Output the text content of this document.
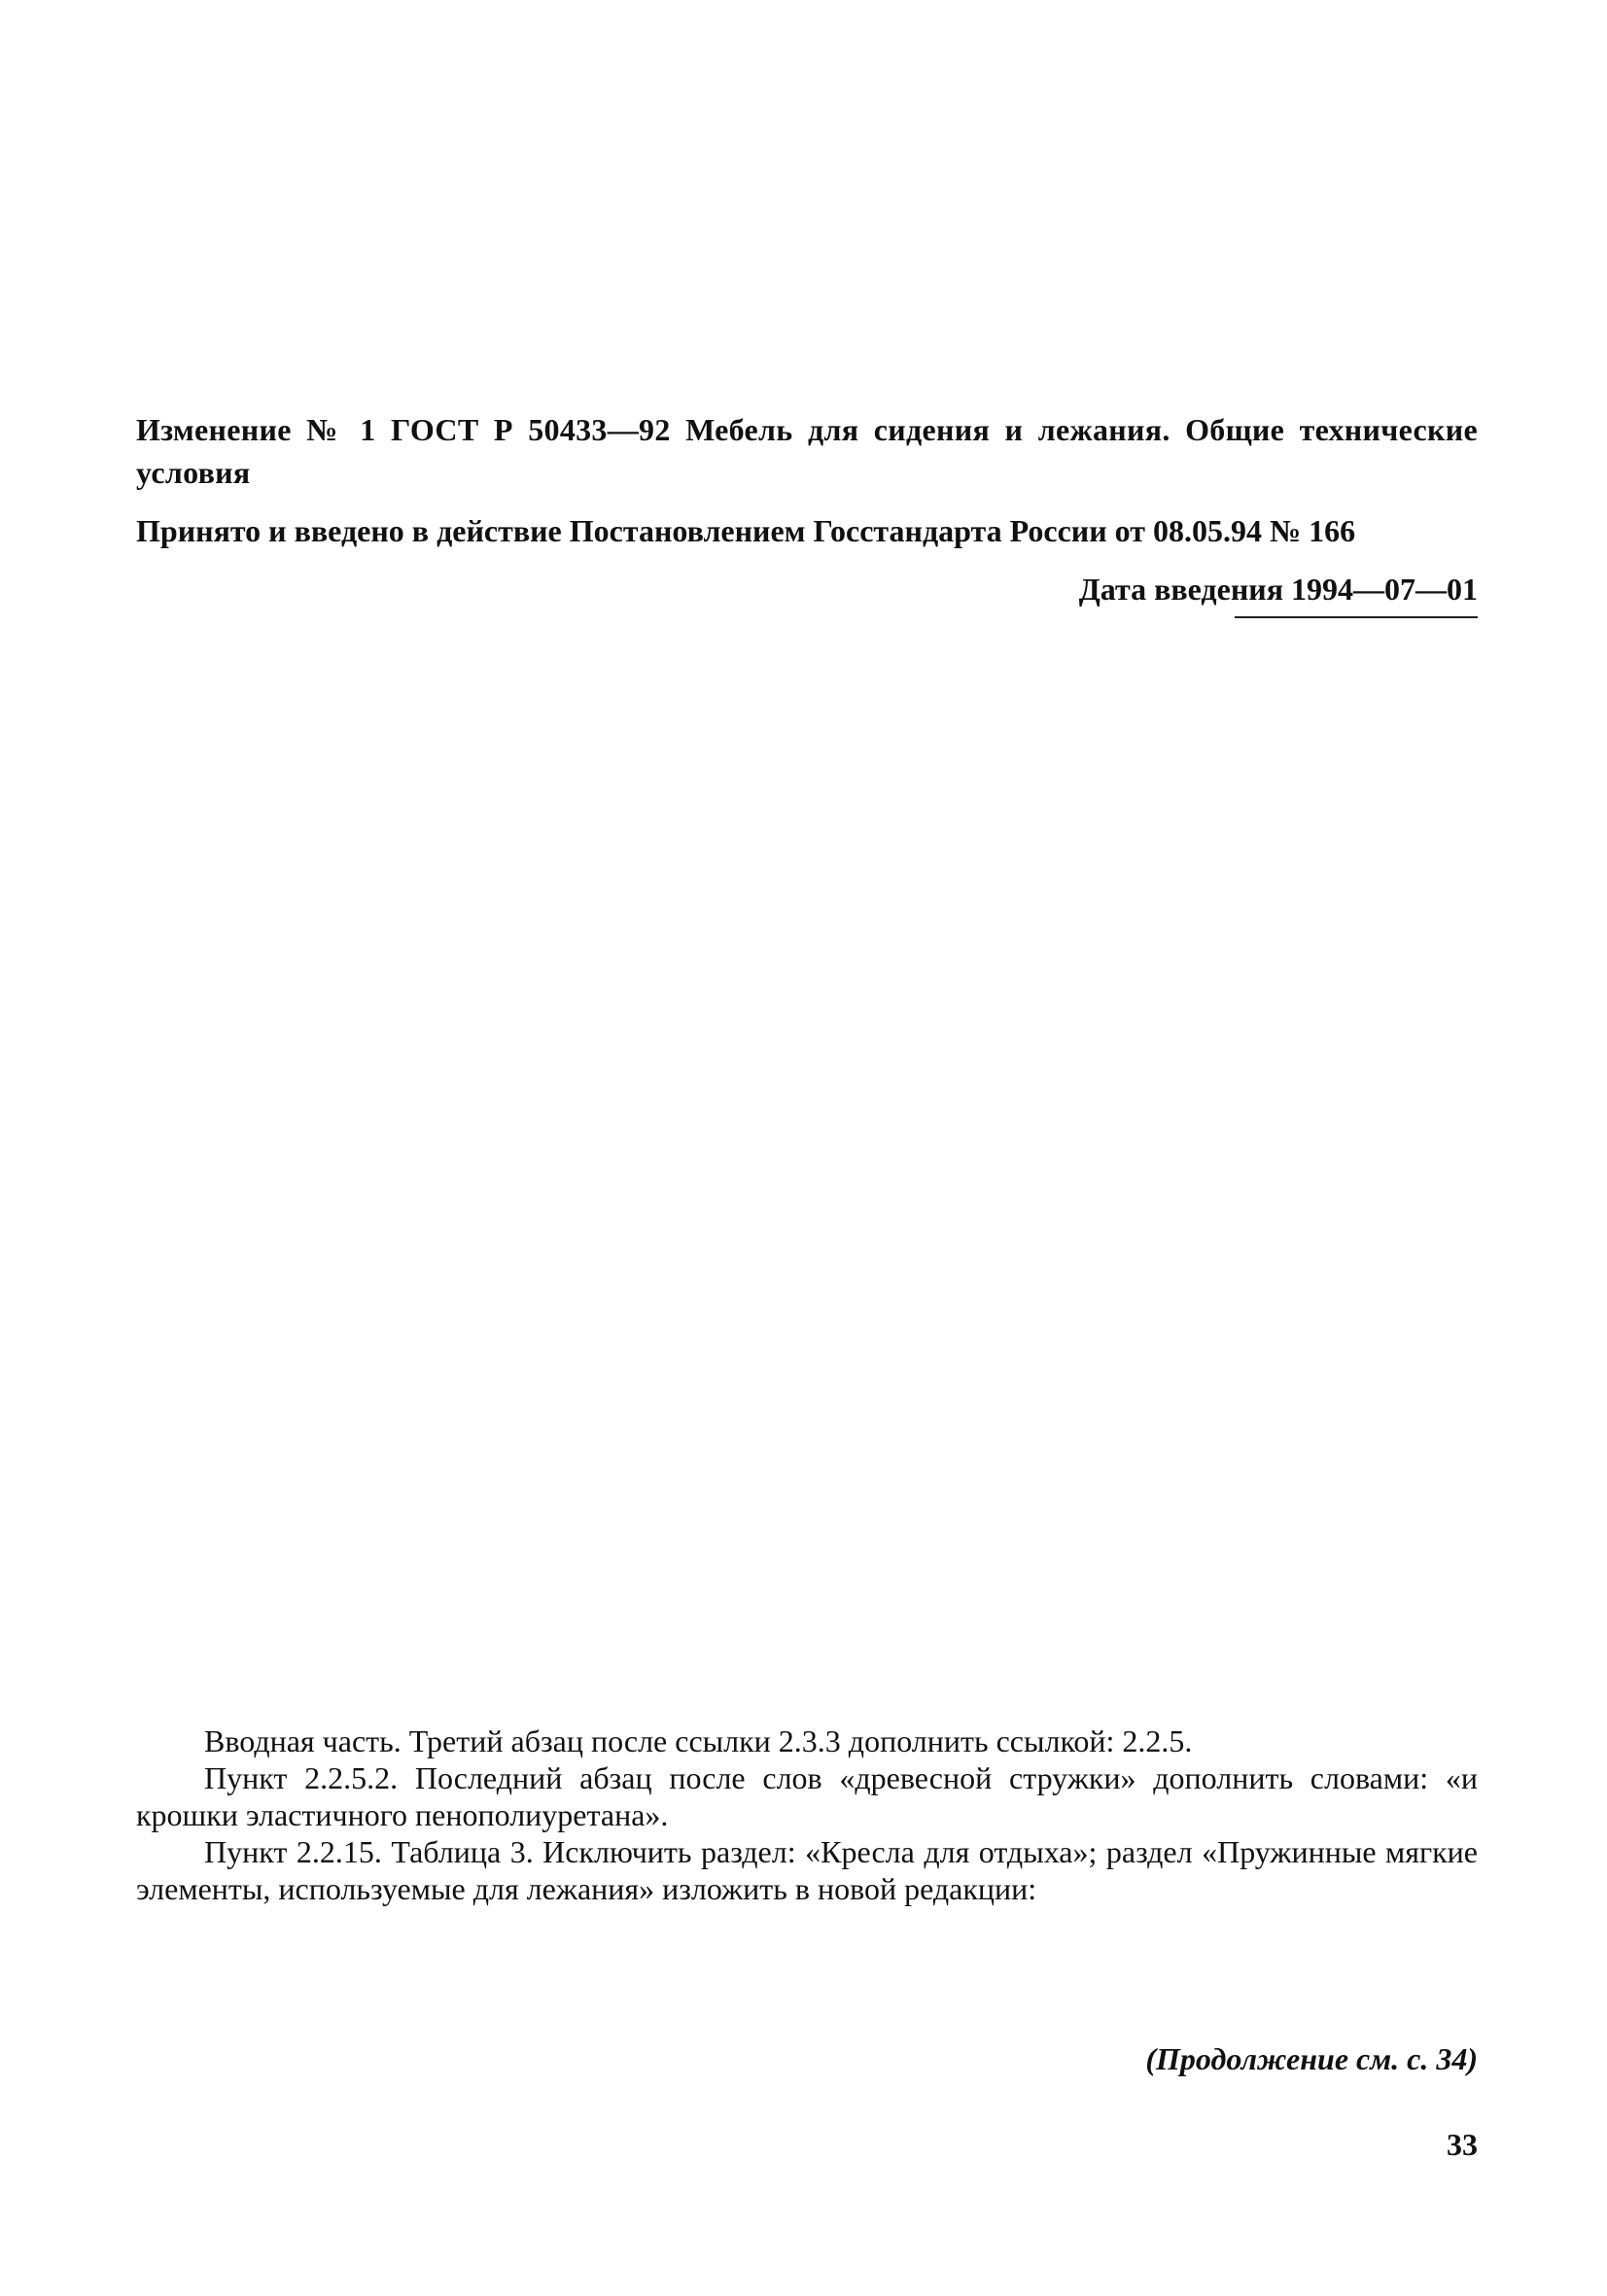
Изменение № 1 ГОСТ Р 50433—92 Мебель для сидения и лежания. Общие технические условия

Принято и введено в действие Постановлением Госстандарта России от 08.05.94 № 166

Дата введения 1994—07—01

Вводная часть. Третий абзац после ссылки 2.3.3 дополнить ссылкой: 2.2.5.

Пункт 2.2.5.2. Последний абзац после слов «древесной стружки» дополнить словами: «и крошки эластичного пенополиуретана».

Пункт 2.2.15. Таблица 3. Исключить раздел: «Кресла для отдыха»; раздел «Пружинные мягкие элементы, используемые для лежания» изложить в новой редакции:

(Продолжение см. с. 34)
33
